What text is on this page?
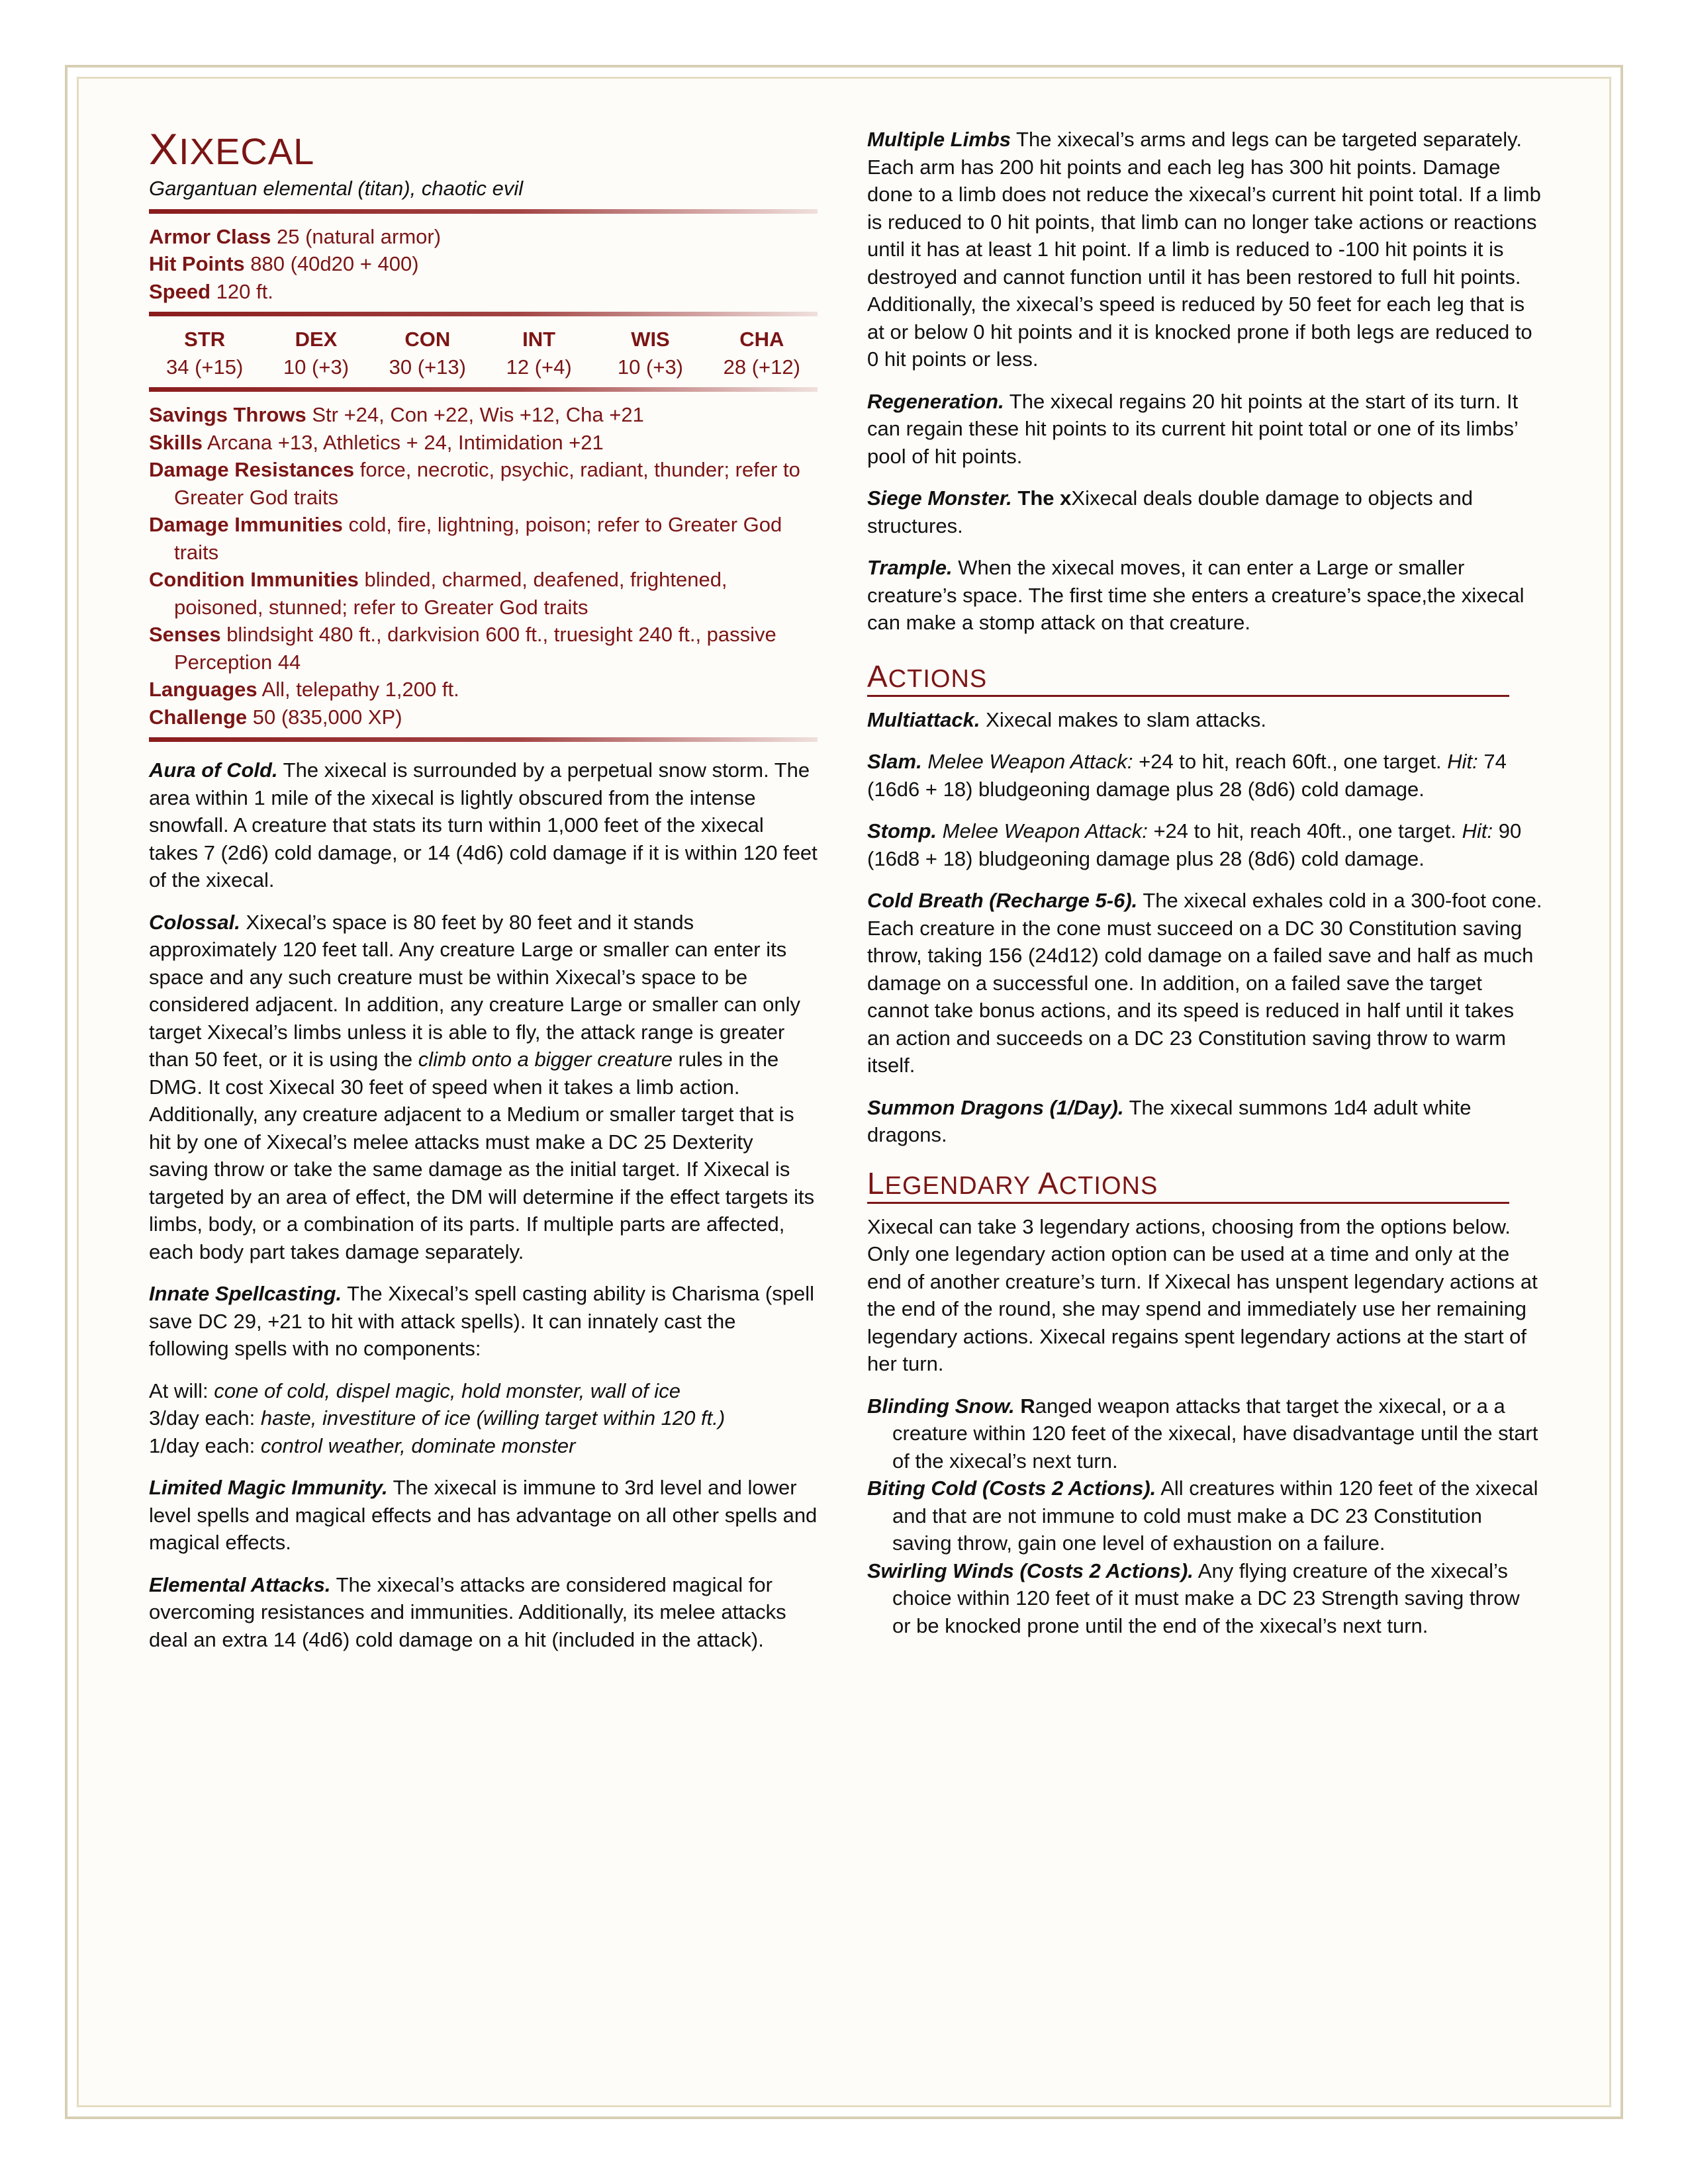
XIXECAL
Gargantuan elemental (titan), chaotic evil
Armor Class 25 (natural armor)
Hit Points 880 (40d20 + 400)
Speed 120 ft.
STR
34 (+15)
DEX
10 (+3)
CON
30 (+13)
INT
12 (+4)
WIS
10 (+3)
CHA
28 (+12)
Savings Throws Str +24, Con +22, Wis +12, Cha +21
Skills Arcana +13, Athletics + 24, Intimidation +21
Damage Resistances force, necrotic, psychic, radiant, thunder; refer to Greater God traits
Damage Immunities cold, fire, lightning, poison; refer to Greater God traits
Condition Immunities blinded, charmed, deafened, frightened, poisoned, stunned; refer to Greater God traits
Senses blindsight 480 ft., darkvision 600 ft., truesight 240 ft., passive Perception 44
Languages All, telepathy 1,200 ft.
Challenge 50 (835,000 XP)
Aura of Cold. The xixecal is surrounded by a perpetual snow storm. The area within 1 mile of the xixecal is lightly obscured from the intense snowfall. A creature that stats its turn within 1,000 feet of the xixecal takes 7 (2d6) cold damage, or 14 (4d6) cold damage if it is within 120 feet of the xixecal.
Colossal. Xixecal’s space is 80 feet by 80 feet and it stands approximately 120 feet tall. Any creature Large or smaller can enter its space and any such creature must be within Xixecal’s space to be considered adjacent. In addition, any creature Large or smaller can only target Xixecal’s limbs unless it is able to fly, the attack range is greater than 50 feet, or it is using the climb onto a bigger creature rules in the DMG. It cost Xixecal 30 feet of speed when it takes a limb action. Additionally, any creature adjacent to a Medium or smaller target that is hit by one of Xixecal’s melee attacks must make a DC 25 Dexterity saving throw or take the same damage as the initial target. If Xixecal is targeted by an area of effect, the DM will determine if the effect targets its limbs, body, or a combination of its parts. If multiple parts are affected, each body part takes damage separately.
Innate Spellcasting. The Xixecal’s spell casting ability is Charisma (spell save DC 29, +21 to hit with attack spells). It can innately cast the following spells with no components:
At will: cone of cold, dispel magic, hold monster, wall of ice
3/day each: haste, investiture of ice (willing target within 120 ft.)
1/day each: control weather, dominate monster
Limited Magic Immunity. The xixecal is immune to 3rd level and lower level spells and magical effects and has advantage on all other spells and magical effects.
Elemental Attacks. The xixecal’s attacks are considered magical for overcoming resistances and immunities. Additionally, its melee attacks deal an extra 14 (4d6) cold damage on a hit (included in the attack).
Multiple Limbs The xixecal’s arms and legs can be targeted separately. Each arm has 200 hit points and each leg has 300 hit points. Damage done to a limb does not reduce the xixecal’s current hit point total. If a limb is reduced to 0 hit points, that limb can no longer take actions or reactions until it has at least 1 hit point. If a limb is reduced to -100 hit points it is destroyed and cannot function until it has been restored to full hit points. Additionally, the xixecal’s speed is reduced by 50 feet for each leg that is at or below 0 hit points and it is knocked prone if both legs are reduced to 0 hit points or less.
Regeneration. The xixecal regains 20 hit points at the start of its turn. It can regain these hit points to its current hit point total or one of its limbs’ pool of hit points.
Siege Monster. The xXixecal deals double damage to objects and structures.
Trample. When the xixecal moves, it can enter a Large or smaller creature’s space. The first time she enters a creature’s space,the xixecal can make a stomp attack on that creature.
ACTIONS
Multiattack. Xixecal makes to slam attacks.
Slam. Melee Weapon Attack: +24 to hit, reach 60ft., one target. Hit: 74 (16d6 + 18) bludgeoning damage plus 28 (8d6) cold damage.
Stomp. Melee Weapon Attack: +24 to hit, reach 40ft., one target. Hit: 90 (16d8 + 18) bludgeoning damage plus 28 (8d6) cold damage.
Cold Breath (Recharge 5-6). The xixecal exhales cold in a 300-foot cone. Each creature in the cone must succeed on a DC 30 Constitution saving throw, taking 156 (24d12) cold damage on a failed save and half as much damage on a successful one. In addition, on a failed save the target cannot take bonus actions, and its speed is reduced in half until it takes an action and succeeds on a DC 23 Constitution saving throw to warm itself.
Summon Dragons (1/Day). The xixecal summons 1d4 adult white dragons.
LEGENDARY ACTIONS
Xixecal can take 3 legendary actions, choosing from the options below. Only one legendary action option can be used at a time and only at the end of another creature’s turn. If Xixecal has unspent legendary actions at the end of the round, she may spend and immediately use her remaining legendary actions. Xixecal regains spent legendary actions at the start of her turn.
Blinding Snow. Ranged weapon attacks that target the xixecal, or a a creature within 120 feet of the xixecal, have disadvantage until the start of the xixecal’s next turn.
Biting Cold (Costs 2 Actions). All creatures within 120 feet of the xixecal and that are not immune to cold must make a DC 23 Constitution saving throw, gain one level of exhaustion on a failure.
Swirling Winds (Costs 2 Actions). Any flying creature of the xixecal’s choice within 120 feet of it must make a DC 23 Strength saving throw or be knocked prone until the end of the xixecal’s next turn.
